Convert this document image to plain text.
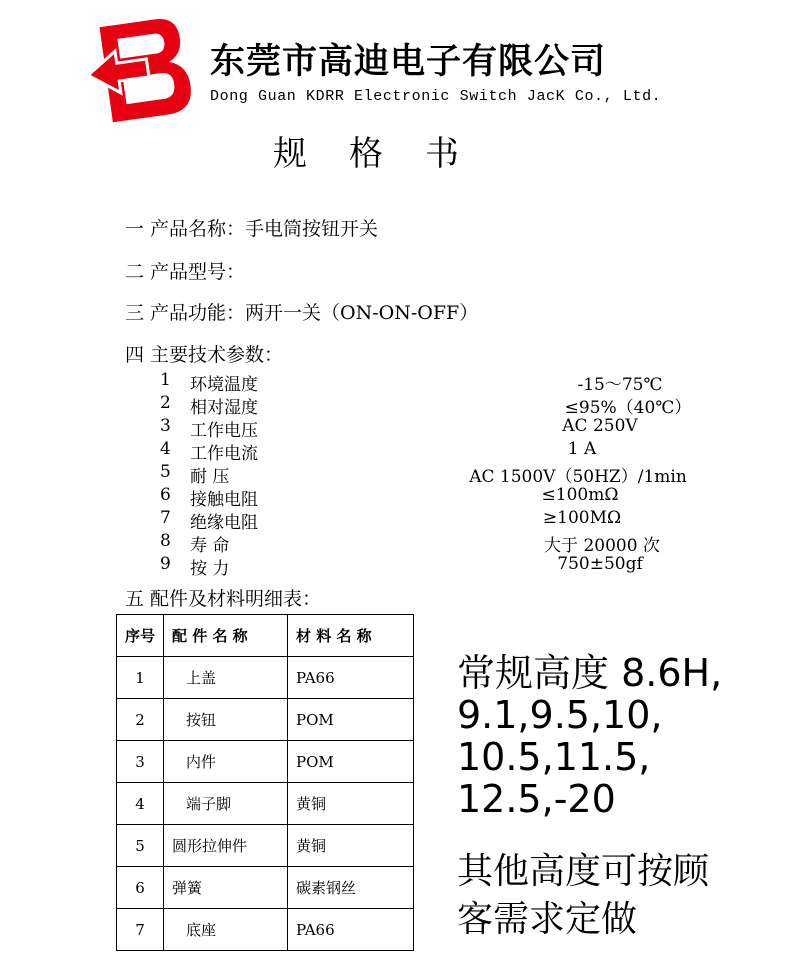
东莞市高迪电子有限公司
Dong Guan KDRR Electronic Switch JacK Co., Ltd.
规格书
一 产品名称：手电筒按钮开关
二 产品型号：
三 产品功能：两开一关（ON-ON-OFF）
四 主要技术参数：
1 环境温度	-15～75℃
2 相对湿度	≤95%（40℃）
3 工作电压	AC 250V
4 工作电流	1 A
5 耐 压	AC 1500V（50HZ）/1min
6 接触电阻	≤100mΩ
7 绝缘电阻	≥100MΩ
8 寿 命	大于 20000 次
9 按 力	750±50gf
五 配件及材料明细表：
序号	配 件 名 称	材 料 名 称
1	上盖	PA66
2	按钮	POM
3	内件	POM
4	端子脚	黄铜
5	圆形拉伸件	黄铜
6	弹簧	碳素钢丝
7	底座	PA66
常规高度 8.6H, 9.1,9.5,10, 10.5,11.5, 12.5,-20
其他高度可按顾客需求定做
